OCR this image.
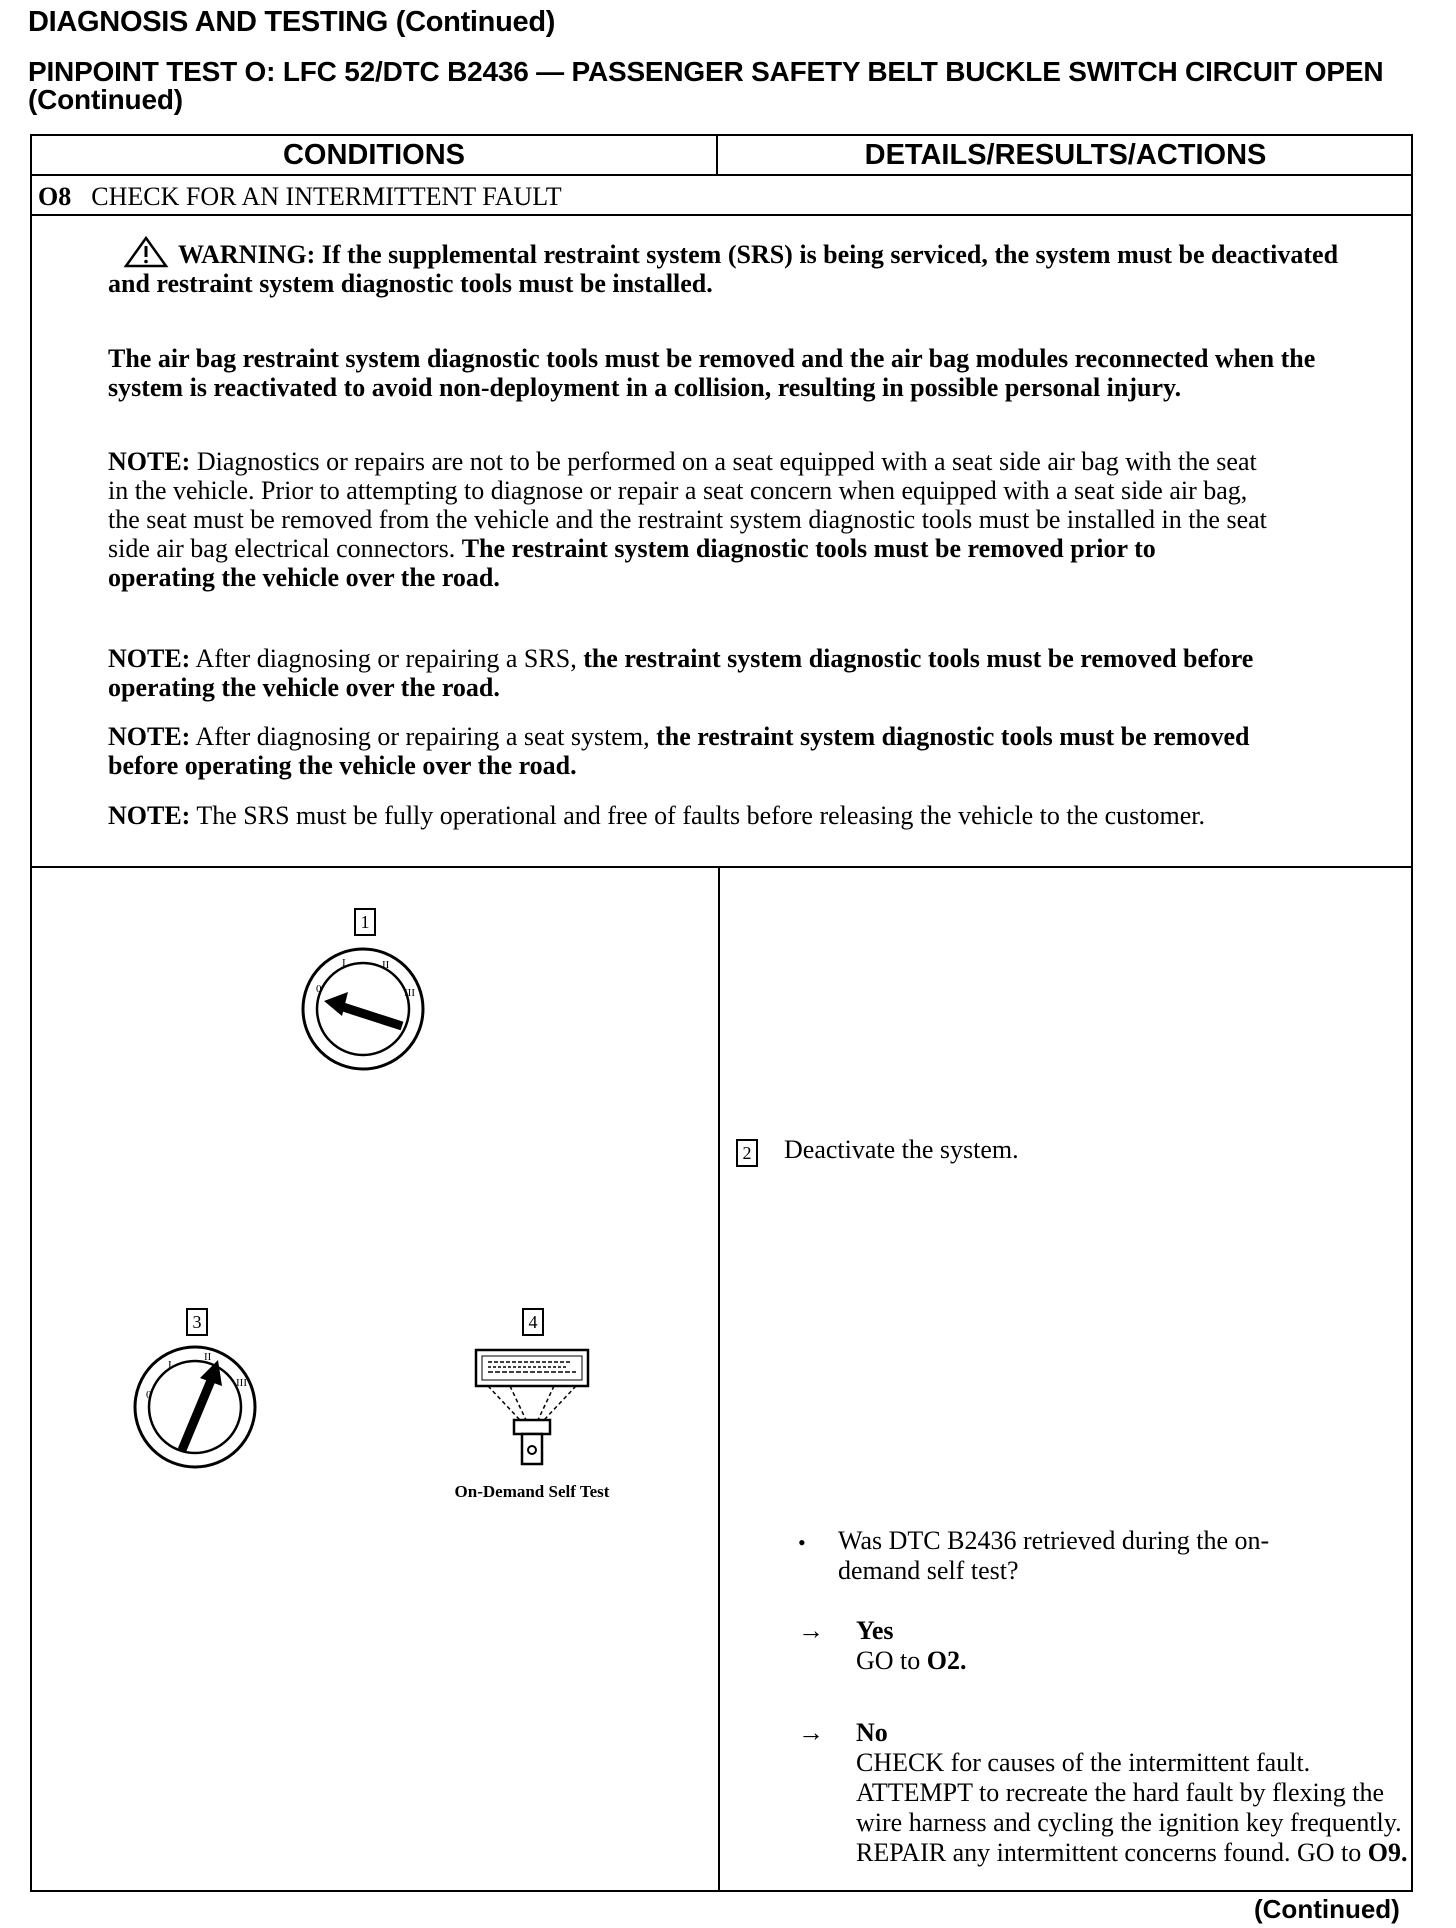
DIAGNOSIS AND TESTING (Continued)
PINPOINT TEST O: LFC 52/DTC B2436 — PASSENGER SAFETY BELT BUCKLE SWITCH CIRCUIT OPEN (Continued)
CONDITIONS	DETAILS/RESULTS/ACTIONS
O8 CHECK FOR AN INTERMITTENT FAULT
WARNING: If the supplemental restraint system (SRS) is being serviced, the system must be deactivated and restraint system diagnostic tools must be installed.
The air bag restraint system diagnostic tools must be removed and the air bag modules reconnected when the system is reactivated to avoid non-deployment in a collision, resulting in possible personal injury.
NOTE: Diagnostics or repairs are not to be performed on a seat equipped with a seat side air bag with the seat in the vehicle. Prior to attempting to diagnose or repair a seat concern when equipped with a seat side air bag, the seat must be removed from the vehicle and the restraint system diagnostic tools must be installed in the seat side air bag electrical connectors. The restraint system diagnostic tools must be removed prior to operating the vehicle over the road.
NOTE: After diagnosing or repairing a SRS, the restraint system diagnostic tools must be removed before operating the vehicle over the road.
NOTE: After diagnosing or repairing a seat system, the restraint system diagnostic tools must be removed before operating the vehicle over the road.
NOTE: The SRS must be fully operational and free of faults before releasing the vehicle to the customer.
1
0
I	II
III
2 Deactivate the system.
3
0
I
II
III
4
On-Demand Self Test
• Was DTC B2436 retrieved during the on-demand self test?
→ Yes
GO to O2.
→ No
CHECK for causes of the intermittent fault. ATTEMPT to recreate the hard fault by flexing the wire harness and cycling the ignition key frequently. REPAIR any intermittent concerns found. GO to O9.
(Continued)
